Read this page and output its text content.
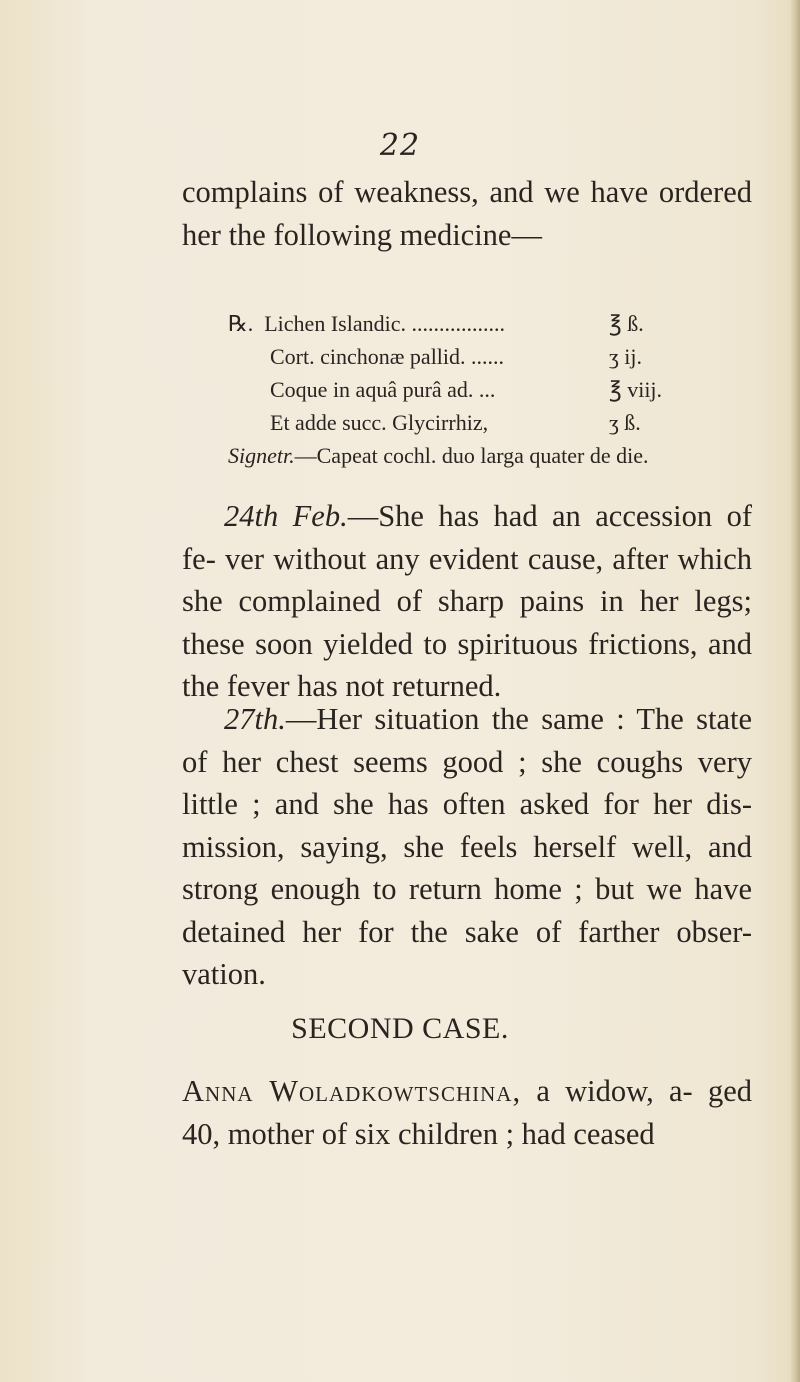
22
complains of weakness, and we have ordered her the following medicine—
℞. Lichen Islandic. .................	℥ ß.
Cort. cinchonæ pallid. ......	ʒ ij.
Coque in aquâ purâ ad. ...	℥ viij.
Et adde succ. Glycirrhiz,	ʒ ß.
Signetr.—Capeat cochl. duo larga quater de die.
24th Feb.—She has had an accession of fe- ver without any evident cause, after which she complained of sharp pains in her legs; these soon yielded to spirituous frictions, and the fever has not returned.
27th.—Her situation the same : The state of her chest seems good ; she coughs very little ; and she has often asked for her dis- mission, saying, she feels herself well, and strong enough to return home ; but we have detained her for the sake of farther obser- vation.
SECOND CASE.
Anna Woladkowtschina, a widow, a- ged 40, mother of six children ; had ceased
